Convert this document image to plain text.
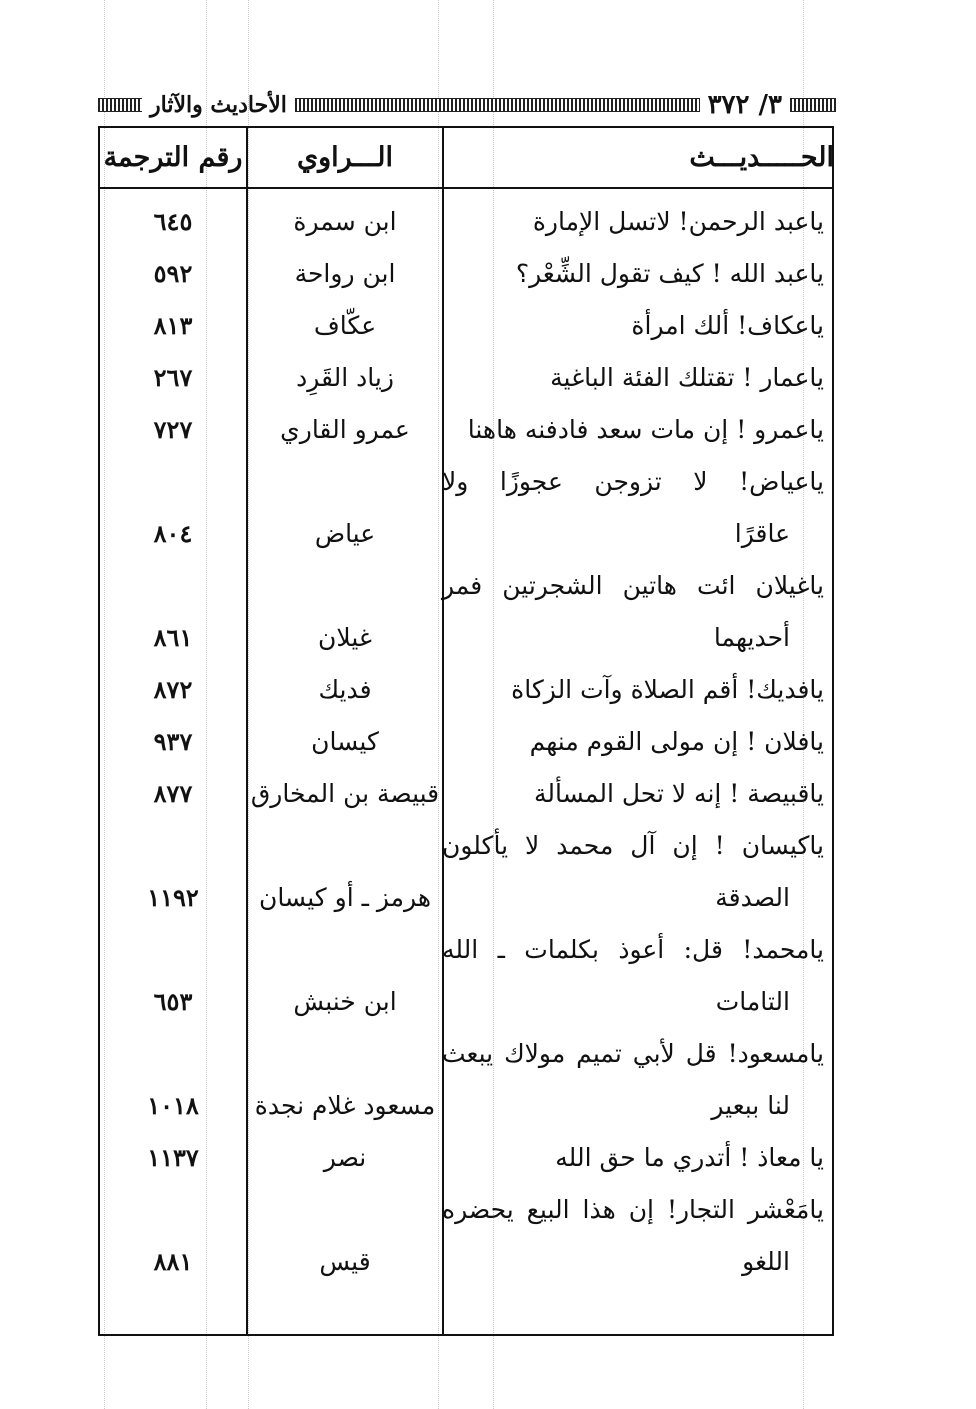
٣/ ٣٧٢
الأحاديث والآثار
الحـــــديـــث
الـــراوي
رقم الترجمة
ياعبد الرحمن! لاتسل الإمارة
ابن سمرة
٦٤٥
ياعبد الله ! كيف تقول الشِّعْر؟
ابن رواحة
٥٩٢
ياعكاف! ألك امرأة
عكّاف
٨١٣
ياعمار ! تقتلك الفئة الباغية
زياد القَرِد
٢٦٧
ياعمرو ! إن مات سعد فادفنه هاهنا
عمرو القاري
٧٢٧
ياعياض! لا تزوجن عجوزًا ولا
عاقرًا
عياض
٨٠٤
ياغيلان ائت هاتين الشجرتين فمر
أحديهما
غيلان
٨٦١
يافديك! أقم الصلاة وآت الزكاة
فديك
٨٧٢
يافلان ! إن مولى القوم منهم
كيسان
٩٣٧
ياقبيصة ! إنه لا تحل المسألة
قبيصة بن المخارق
٨٧٧
ياكيسان ! إن آل محمد لا يأكلون
الصدقة
هرمز ـ أو كيسان
١١٩٢
يامحمد! قل: أعوذ بكلمات ـ الله
التامات
ابن خنبش
٦٥٣
يامسعود! قل لأبي تميم مولاك يبعث
لنا ببعير
مسعود غلام نجدة
١٠١٨
يا معاذ ! أتدري ما حق الله
نصر
١١٣٧
يامَعْشر التجار! إن هذا البيع يحضره
اللغو
قيس
٨٨١
